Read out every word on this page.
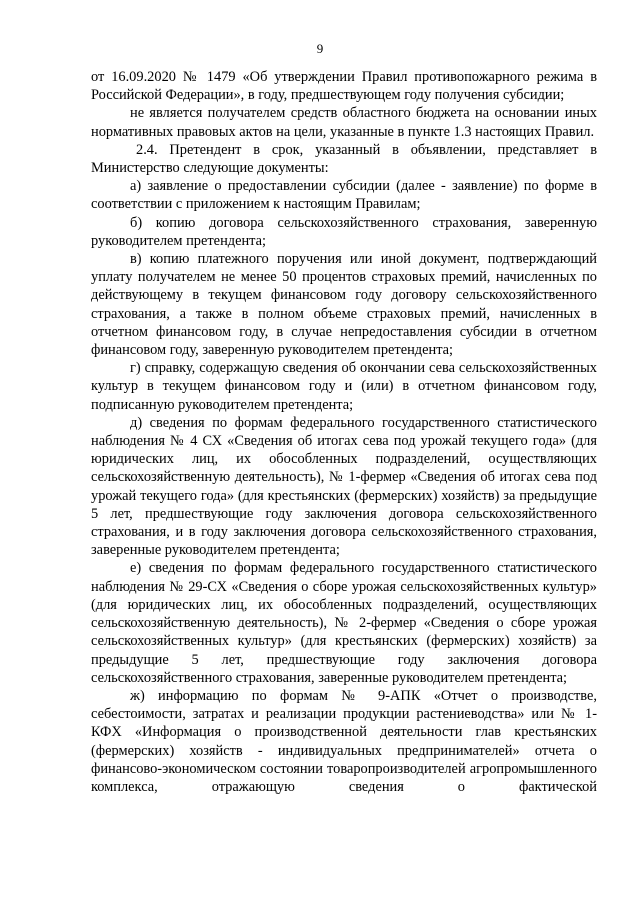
9

от 16.09.2020 № 1479 «Об утверждении Правил противопожарного режима в Российской Федерации», в году, предшествующем году получения субсидии;

не является получателем средств областного бюджета на основании иных нормативных правовых актов на цели, указанные в пункте 1.3 настоящих Правил.

2.4. Претендент в срок, указанный в объявлении, представляет в Министерство следующие документы:

а) заявление о предоставлении субсидии (далее - заявление) по форме в соответствии с приложением к настоящим Правилам;

б) копию договора сельскохозяйственного страхования, заверенную руководителем претендента;

в) копию платежного поручения или иной документ, подтверждающий уплату получателем не менее 50 процентов страховых премий, начисленных по действующему в текущем финансовом году договору сельскохозяйственного страхования, а также в полном объеме страховых премий, начисленных в отчетном финансовом году, в случае непредоставления субсидии в отчетном финансовом году, заверенную руководителем претендента;

г) справку, содержащую сведения об окончании сева сельскохозяйственных культур в текущем финансовом году и (или) в отчетном финансовом году, подписанную руководителем претендента;

д) сведения по формам федерального государственного статистического наблюдения № 4 СХ «Сведения об итогах сева под урожай текущего года» (для юридических лиц, их обособленных подразделений, осуществляющих сельскохозяйственную деятельность), № 1-фермер «Сведения об итогах сева под урожай текущего года» (для крестьянских (фермерских) хозяйств) за предыдущие 5 лет, предшествующие году заключения договора сельскохозяйственного страхования, и в году заключения договора сельскохозяйственного страхования, заверенные руководителем претендента;

е) сведения по формам федерального государственного статистического наблюдения № 29-СХ «Сведения о сборе урожая сельскохозяйственных культур» (для юридических лиц, их обособленных подразделений, осуществляющих сельскохозяйственную деятельность), № 2-фермер «Сведения о сборе урожая сельскохозяйственных культур» (для крестьянских (фермерских) хозяйств) за предыдущие 5 лет, предшествующие году заключения договора сельскохозяйственного страхования, заверенные руководителем претендента;

ж) информацию по формам № 9-АПК «Отчет о производстве, себестоимости, затратах и реализации продукции растениеводства» или № 1-КФХ «Информация о производственной деятельности глав крестьянских (фермерских) хозяйств - индивидуальных предпринимателей» отчета о финансово-экономическом состоянии товаропроизводителей агропромышленного комплекса, отражающую сведения о фактической
